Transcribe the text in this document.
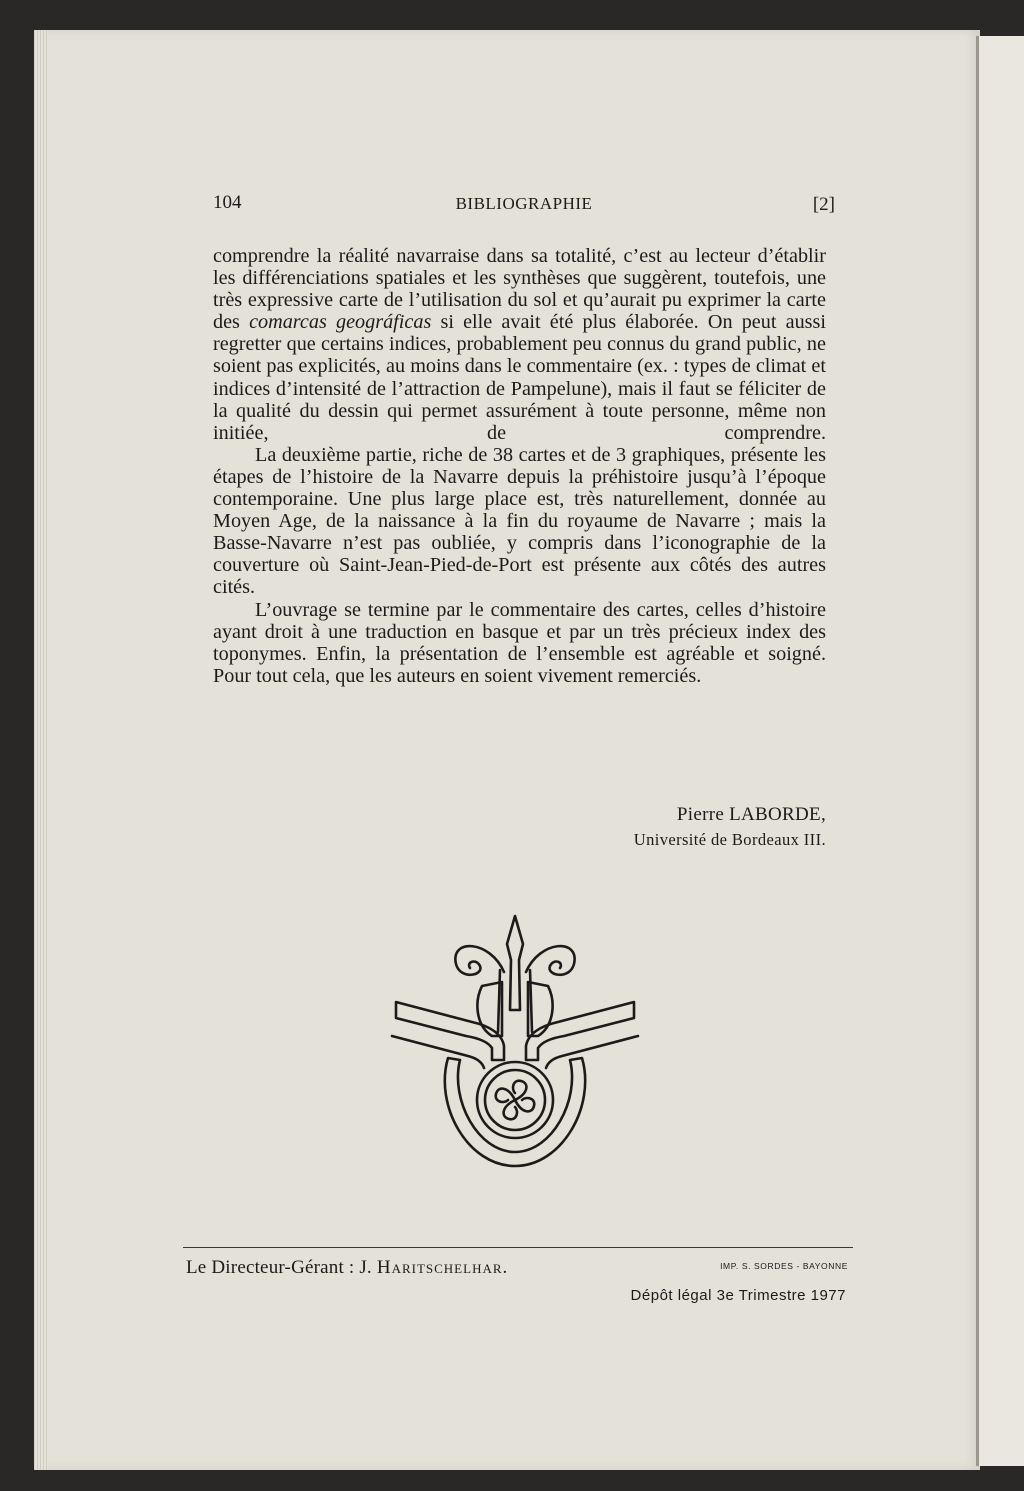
104	BIBLIOGRAPHIE	[2]

comprendre la réalité navarraise dans sa totalité, c’est au lecteur d’établir les différenciations spatiales et les synthèses que suggèrent, toutefois, une très expressive carte de l’utilisation du sol et qu’aurait pu exprimer la carte des comarcas geográficas si elle avait été plus élaborée. On peut aussi regretter que certains indices, probablement peu connus du grand public, ne soient pas explicités, au moins dans le commentaire (ex. : types de climat et indices d’intensité de l’attraction de Pampelune), mais il faut se féliciter de la qualité du dessin qui permet assurément à toute personne, même non initiée, de comprendre.

La deuxième partie, riche de 38 cartes et de 3 graphiques, présente les étapes de l’histoire de la Navarre depuis la préhistoire jusqu’à l’époque contemporaine. Une plus large place est, très naturellement, donnée au Moyen Age, de la naissance à la fin du royaume de Navarre ; mais la Basse-Navarre n’est pas oubliée, y compris dans l’iconographie de la couverture où Saint-Jean-Pied-de-Port est présente aux côtés des autres cités.

L’ouvrage se termine par le commentaire des cartes, celles d’histoire ayant droit à une traduction en basque et par un très précieux index des toponymes. Enfin, la présentation de l’ensemble est agréable et soigné. Pour tout cela, que les auteurs en soient vivement remerciés.

Pierre LABORDE,
Université de Bordeaux III.
Le Directeur-Gérant : J. Haritschelhar.	IMP. S. SORDES - BAYONNE
Dépôt légal 3e Trimestre 1977
